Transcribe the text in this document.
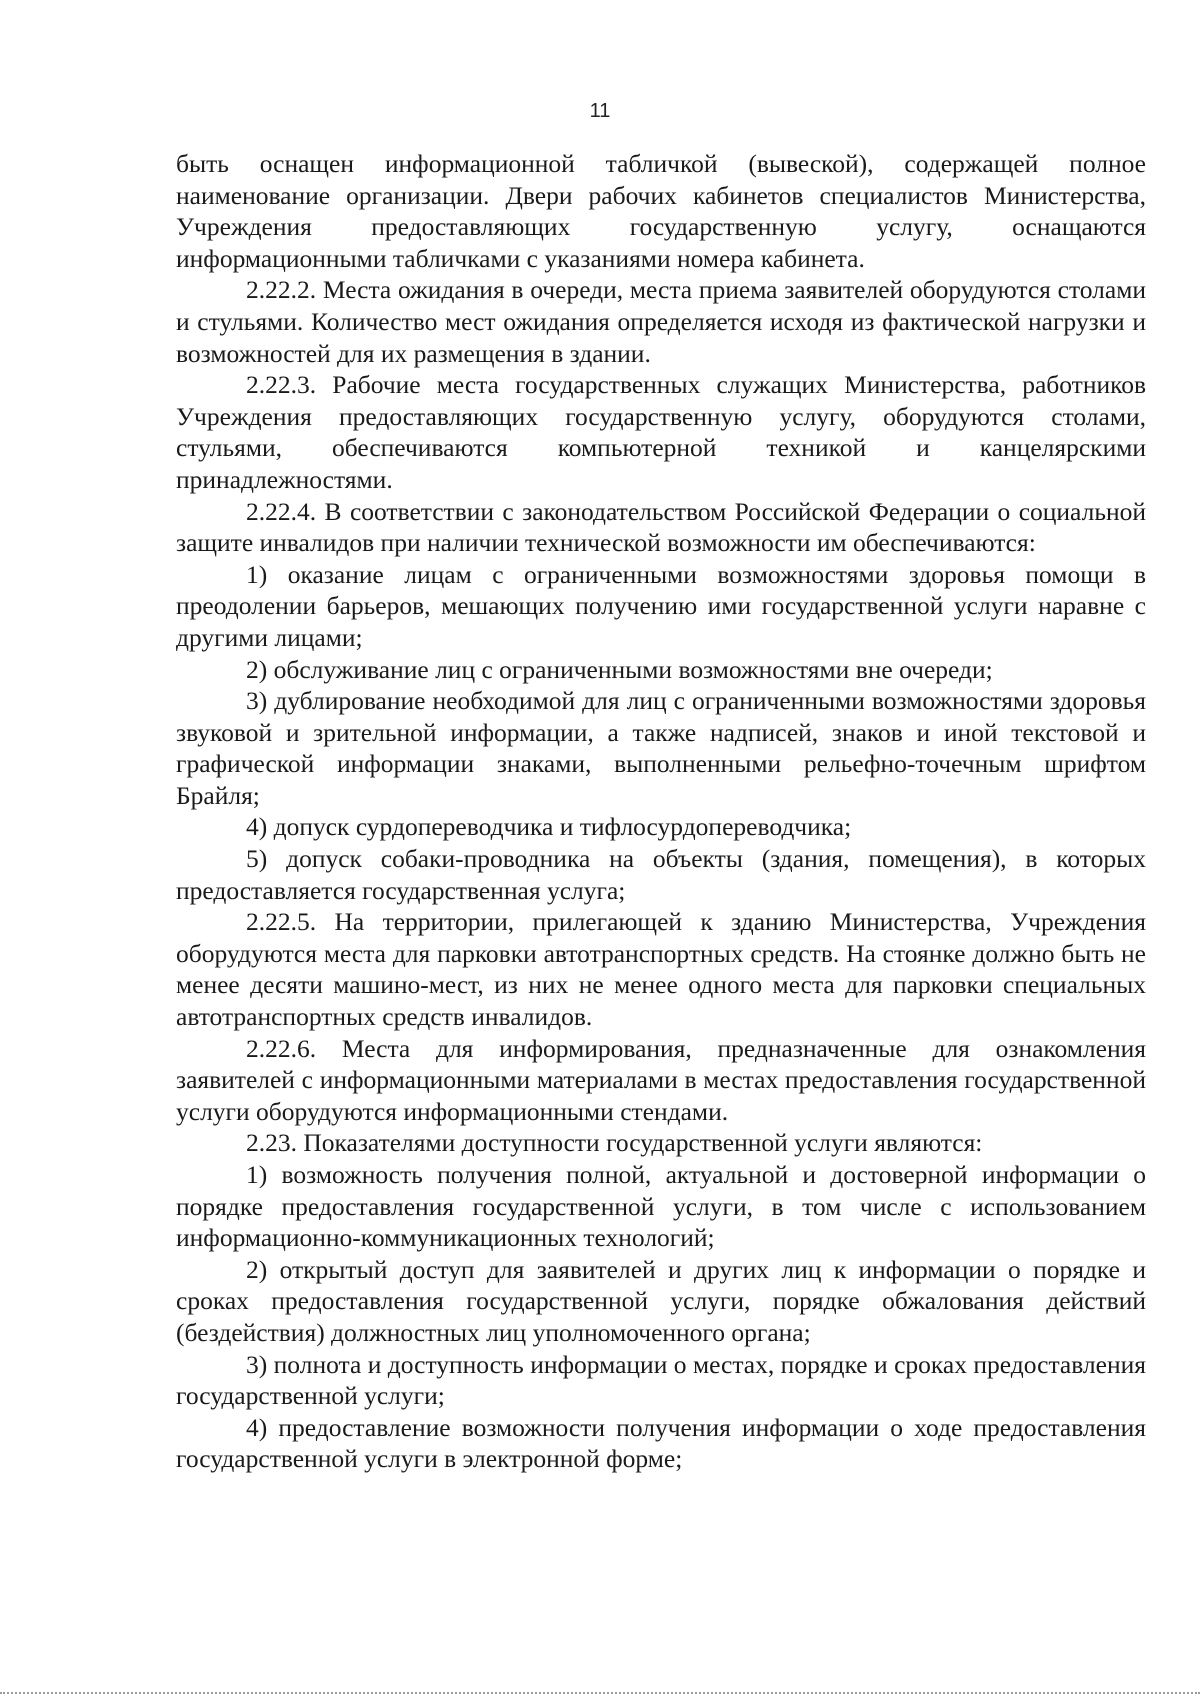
11

быть оснащен информационной табличкой (вывеской), содержащей полное наименование организации. Двери рабочих кабинетов специалистов Министерства, Учреждения предоставляющих государственную услугу, оснащаются информационными табличками с указаниями номера кабинета.

2.22.2. Места ожидания в очереди, места приема заявителей оборудуются столами и стульями. Количество мест ожидания определяется исходя из фактической нагрузки и возможностей для их размещения в здании.

2.22.3. Рабочие места государственных служащих Министерства, работников Учреждения предоставляющих государственную услугу, оборудуются столами, стульями, обеспечиваются компьютерной техникой и канцелярскими принадлежностями.

2.22.4. В соответствии с законодательством Российской Федерации о социальной защите инвалидов при наличии технической возможности им обеспечиваются:

1) оказание лицам с ограниченными возможностями здоровья помощи в преодолении барьеров, мешающих получению ими государственной услуги наравне с другими лицами;

2) обслуживание лиц с ограниченными возможностями вне очереди;

3) дублирование необходимой для лиц с ограниченными возможностями здоровья звуковой и зрительной информации, а также надписей, знаков и иной текстовой и графической информации знаками, выполненными рельефно-точечным шрифтом Брайля;

4) допуск сурдопереводчика и тифлосурдопереводчика;

5) допуск собаки-проводника на объекты (здания, помещения), в которых предоставляется государственная услуга;

2.22.5. На территории, прилегающей к зданию Министерства, Учреждения оборудуются места для парковки автотранспортных средств. На стоянке должно быть не менее десяти машино-мест, из них не менее одного места для парковки специальных автотранспортных средств инвалидов.

2.22.6. Места для информирования, предназначенные для ознакомления заявителей с информационными материалами в местах предоставления государственной услуги оборудуются информационными стендами.

2.23. Показателями доступности государственной услуги являются:

1) возможность получения полной, актуальной и достоверной информации о порядке предоставления государственной услуги, в том числе с использованием информационно-коммуникационных технологий;

2) открытый доступ для заявителей и других лиц к информации о порядке и сроках предоставления государственной услуги, порядке обжалования действий (бездействия) должностных лиц уполномоченного органа;

3) полнота и доступность информации о местах, порядке и сроках предоставления государственной услуги;

4) предоставление возможности получения информации о ходе предоставления государственной услуги в электронной форме;
